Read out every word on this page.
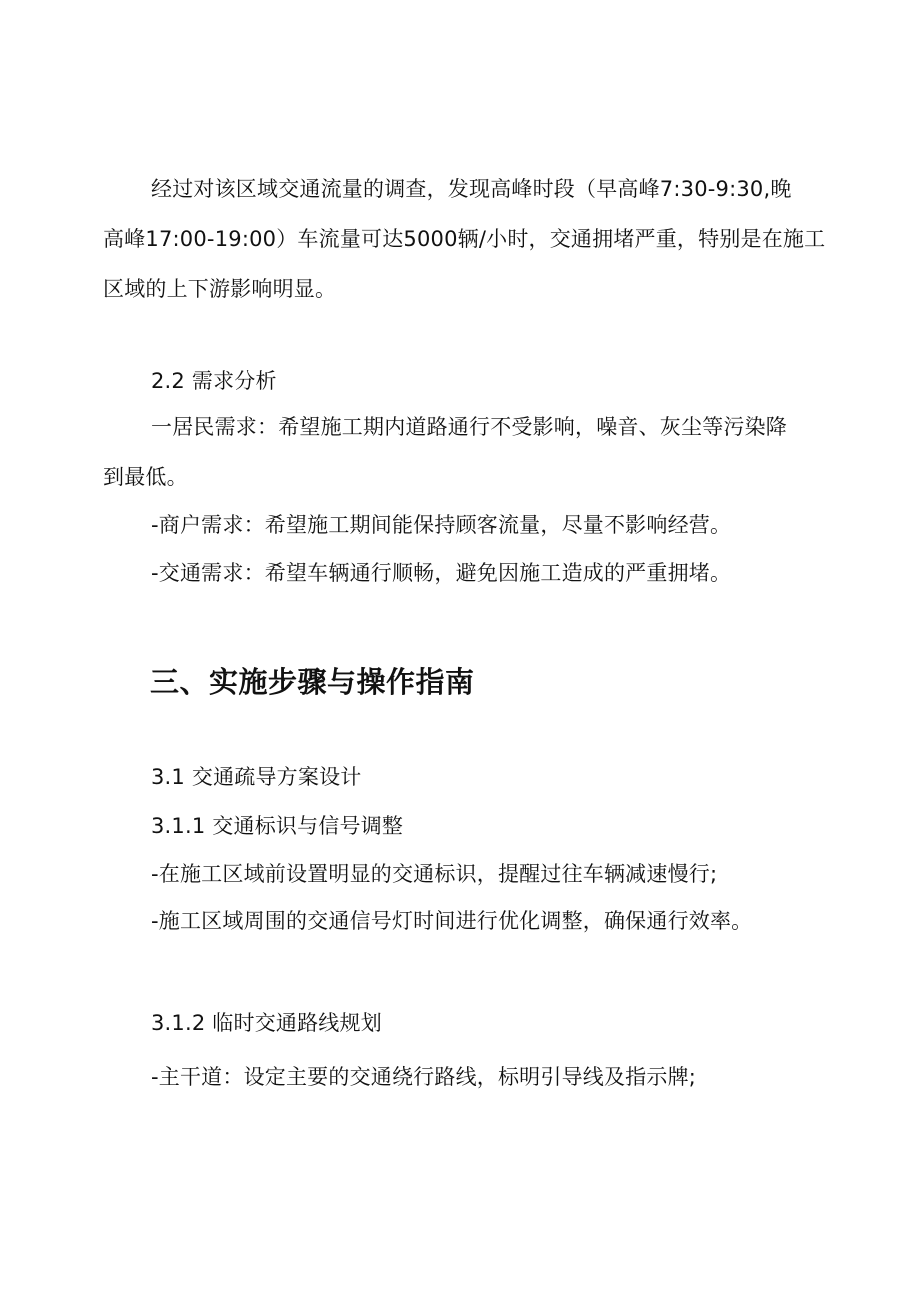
经过对该区域交通流量的调查，发现高峰时段（早高峰7:30-9:30,晚
高峰17:00-19:00）车流量可达5000辆/小时，交通拥堵严重，特别是在施工
区域的上下游影响明显。
2.2 需求分析
一居民需求：希望施工期内道路通行不受影响，噪音、灰尘等污染降
到最低。
-商户需求：希望施工期间能保持顾客流量，尽量不影响经营。
-交通需求：希望车辆通行顺畅，避免因施工造成的严重拥堵。
三、实施步骤与操作指南
3.1 交通疏导方案设计
3.1.1 交通标识与信号调整
-在施工区域前设置明显的交通标识，提醒过往车辆减速慢行;
-施工区域周围的交通信号灯时间进行优化调整，确保通行效率。
3.1.2 临时交通路线规划
-主干道：设定主要的交通绕行路线，标明引导线及指示牌;
